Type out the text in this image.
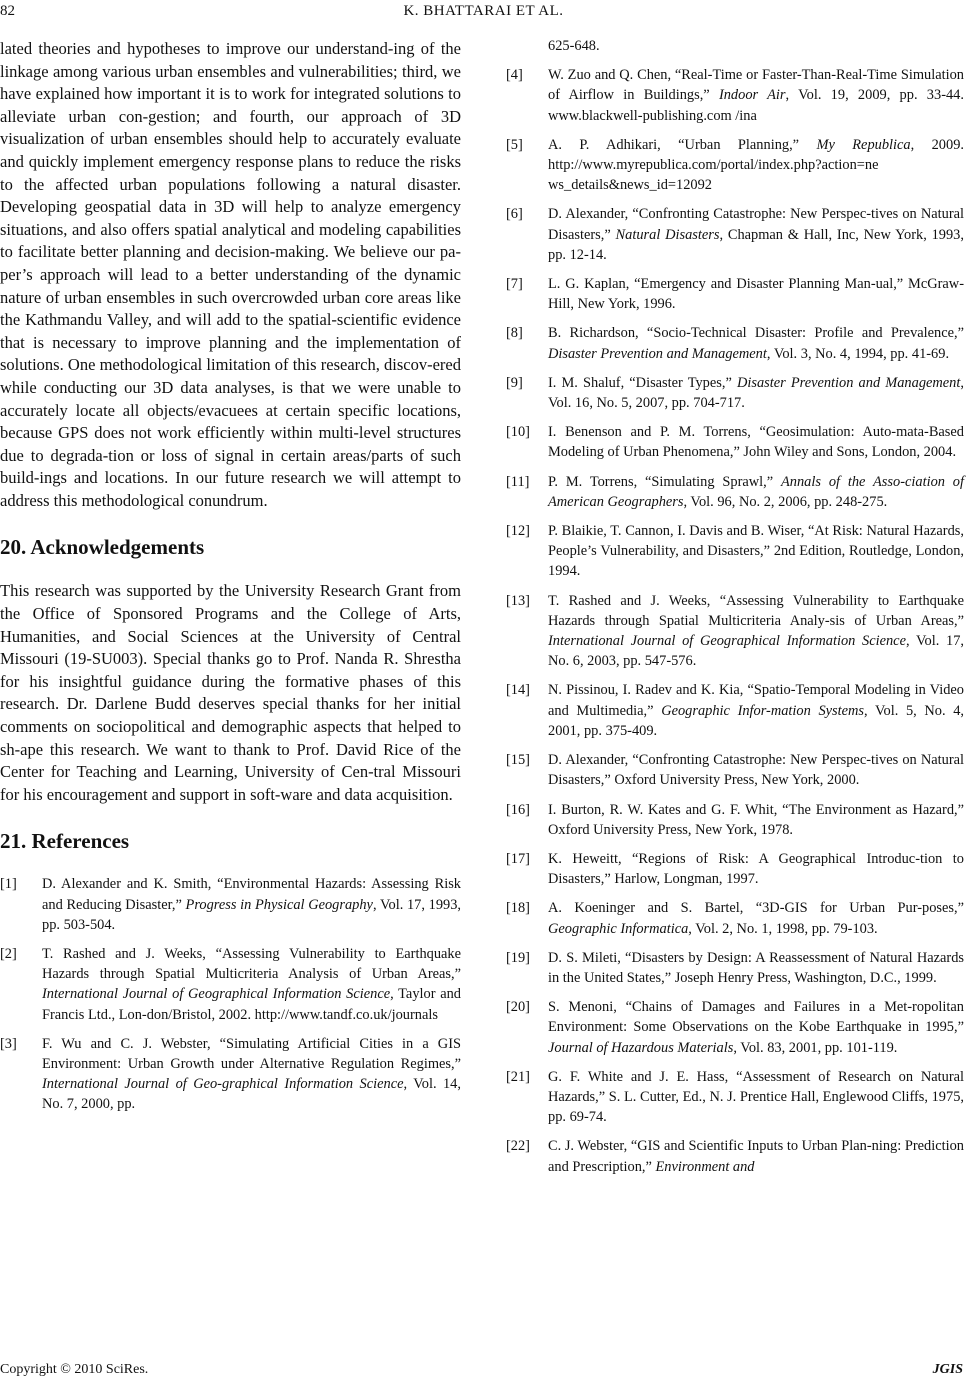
82	K. BHATTARAI ET AL.

lated theories and hypotheses to improve our understand-ing of the linkage among various urban ensembles and vulnerabilities; third, we have explained how important it is to work for integrated solutions to alleviate urban con-gestion; and fourth, our approach of 3D visualization of urban ensembles should help to accurately evaluate and quickly implement emergency response plans to reduce the risks to the affected urban populations following a natural disaster. Developing geospatial data in 3D will help to analyze emergency situations, and also offers spatial analytical and modeling capabilities to facilitate better planning and decision-making. We believe our pa-per’s approach will lead to a better understanding of the dynamic nature of urban ensembles in such overcrowded urban core areas like the Kathmandu Valley, and will add to the spatial-scientific evidence that is necessary to improve planning and the implementation of solutions. One methodological limitation of this research, discov-ered while conducting our 3D data analyses, is that we were unable to accurately locate all objects/evacuees at certain specific locations, because GPS does not work efficiently within multi-level structures due to degrada-tion or loss of signal in certain areas/parts of such build-ings and locations. In our future research we will attempt to address this methodological conundrum.

20. Acknowledgements

This research was supported by the University Research Grant from the Office of Sponsored Programs and the College of Arts, Humanities, and Social Sciences at the University of Central Missouri (19-SU003). Special thanks go to Prof. Nanda R. Shrestha for his insightful guidance during the formative phases of this research. Dr. Darlene Budd deserves special thanks for her initial comments on sociopolitical and demographic aspects that helped to sh-ape this research. We want to thank to Prof. David Rice of the Center for Teaching and Learning, University of Cen-tral Missouri for his encouragement and support in soft-ware and data acquisition.

21. References
[1] D. Alexander and K. Smith, “Environmental Hazards: Assessing Risk and Reducing Disaster,” Progress in Physical Geography, Vol. 17, 1993, pp. 503-504.
[2] T. Rashed and J. Weeks, “Assessing Vulnerability to Earthquake Hazards through Spatial Multicriteria Analysis of Urban Areas,” International Journal of Geographical Information Science, Taylor and Francis Ltd., Lon-don/Bristol, 2002. http://www.tandf.co.uk/journals
[3] F. Wu and C. J. Webster, “Simulating Artificial Cities in a GIS Environment: Urban Growth under Alternative Regulation Regimes,” International Journal of Geo-graphical Information Science, Vol. 14, No. 7, 2000, pp.
625-648.
[4] W. Zuo and Q. Chen, “Real-Time or Faster-Than-Real-Time Simulation of Airflow in Buildings,” Indoor Air, Vol. 19, 2009, pp. 33-44. www.blackwell-publishing.com /ina
[5] A. P. Adhikari, “Urban Planning,” My Republica, 2009. http://www.myrepublica.com/portal/index.php?action=ne ws_details&news_id=12092
[6] D. Alexander, “Confronting Catastrophe: New Perspec-tives on Natural Disasters,” Natural Disasters, Chapman & Hall, Inc, New York, 1993, pp. 12-14.
[7] L. G. Kaplan, “Emergency and Disaster Planning Man-ual,” McGraw-Hill, New York, 1996.
[8] B. Richardson, “Socio-Technical Disaster: Profile and Prevalence,” Disaster Prevention and Management, Vol. 3, No. 4, 1994, pp. 41-69.
[9] I. M. Shaluf, “Disaster Types,” Disaster Prevention and Management, Vol. 16, No. 5, 2007, pp. 704-717.
[10] I. Benenson and P. M. Torrens, “Geosimulation: Auto-mata-Based Modeling of Urban Phenomena,” John Wiley and Sons, London, 2004.
[11] P. M. Torrens, “Simulating Sprawl,” Annals of the Asso-ciation of American Geographers, Vol. 96, No. 2, 2006, pp. 248-275.
[12] P. Blaikie, T. Cannon, I. Davis and B. Wiser, “At Risk: Natural Hazards, People’s Vulnerability, and Disasters,” 2nd Edition, Routledge, London, 1994.
[13] T. Rashed and J. Weeks, “Assessing Vulnerability to Earthquake Hazards through Spatial Multicriteria Analy-sis of Urban Areas,” International Journal of Geographical Information Science, Vol. 17, No. 6, 2003, pp. 547-576.
[14] N. Pissinou, I. Radev and K. Kia, “Spatio-Temporal Modeling in Video and Multimedia,” Geographic Infor-mation Systems, Vol. 5, No. 4, 2001, pp. 375-409.
[15] D. Alexander, “Confronting Catastrophe: New Perspec-tives on Natural Disasters,” Oxford University Press, New York, 2000.
[16] I. Burton, R. W. Kates and G. F. Whit, “The Environment as Hazard,” Oxford University Press, New York, 1978.
[17] K. Heweitt, “Regions of Risk: A Geographical Introduc-tion to Disasters,” Harlow, Longman, 1997.
[18] A. Koeninger and S. Bartel, “3D-GIS for Urban Pur-poses,” Geographic Informatica, Vol. 2, No. 1, 1998, pp. 79-103.
[19] D. S. Mileti, “Disasters by Design: A Reassessment of Natural Hazards in the United States,” Joseph Henry Press, Washington, D.C., 1999.
[20] S. Menoni, “Chains of Damages and Failures in a Met-ropolitan Environment: Some Observations on the Kobe Earthquake in 1995,” Journal of Hazardous Materials, Vol. 83, 2001, pp. 101-119.
[21] G. F. White and J. E. Hass, “Assessment of Research on Natural Hazards,” S. L. Cutter, Ed., N. J. Prentice Hall, Englewood Cliffs, 1975, pp. 69-74.
[22] C. J. Webster, “GIS and Scientific Inputs to Urban Plan-ning: Prediction and Prescription,” Environment and
Copyright © 2010 SciRes.	JGIS
